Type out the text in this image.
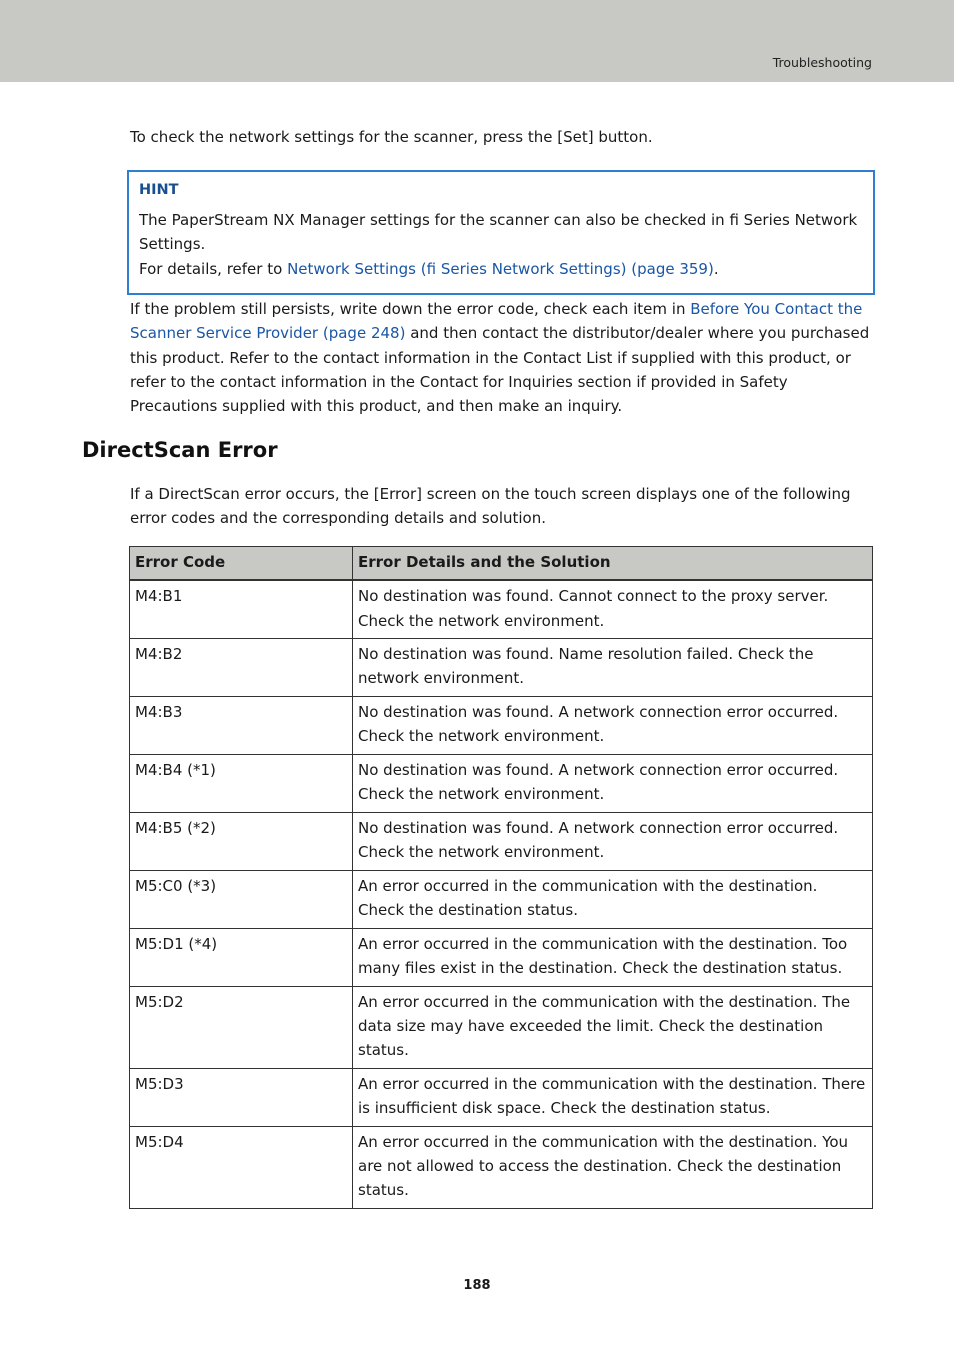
Troubleshooting

To check the network settings for the scanner, press the [Set] button.

HINT

The PaperStream NX Manager settings for the scanner can also be checked in fi Series Network Settings.

For details, refer to Network Settings (fi Series Network Settings) (page 359).

If the problem still persists, write down the error code, check each item in Before You Contact the Scanner Service Provider (page 248) and then contact the distributor/dealer where you purchased this product. Refer to the contact information in the Contact List if supplied with this product, or refer to the contact information in the Contact for Inquiries section if provided in Safety Precautions supplied with this product, and then make an inquiry.

DirectScan Error

If a DirectScan error occurs, the [Error] screen on the touch screen displays one of the following error codes and the corresponding details and solution.

Error Code	Error Details and the Solution
M4:B1	No destination was found. Cannot connect to the proxy server. Check the network environment.
M4:B2	No destination was found. Name resolution failed. Check the network environment.
M4:B3	No destination was found. A network connection error occurred. Check the network environment.
M4:B4 (*1)	No destination was found. A network connection error occurred. Check the network environment.
M4:B5 (*2)	No destination was found. A network connection error occurred. Check the network environment.
M5:C0 (*3)	An error occurred in the communication with the destination. Check the destination status.
M5:D1 (*4)	An error occurred in the communication with the destination. Too many files exist in the destination. Check the destination status.
M5:D2	An error occurred in the communication with the destination. The data size may have exceeded the limit. Check the destination status.
M5:D3	An error occurred in the communication with the destination. There is insufficient disk space. Check the destination status.
M5:D4	An error occurred in the communication with the destination. You are not allowed to access the destination. Check the destination status.
188
